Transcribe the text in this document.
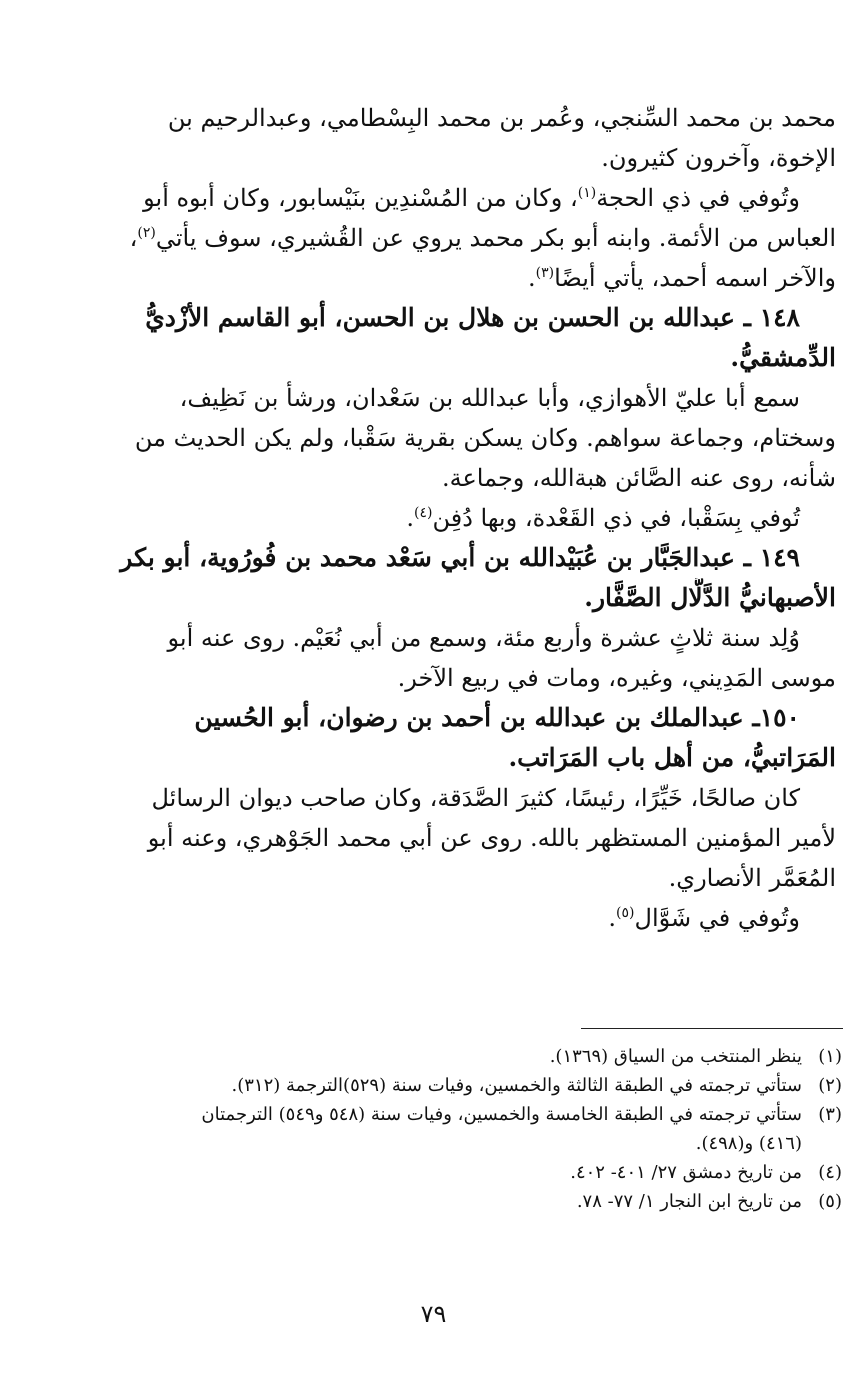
محمد بن محمد السِّنجي، وعُمر بن محمد البِسْطامي، وعبدالرحيم بن
الإخوة، وآخرون كثيرون.
وتُوفي في ذي الحجة$^{(١)}$، وكان من المُسْندِين بنَيْسابور، وكان أبوه أبو
العباس من الأئمة. وابنه أبو بكر محمد يروي عن القُشيري، سوف يأتي$^{(٢)}$،
والآخر اسمه أحمد، يأتي أيضًا$^{(٣)}$.
١٤٨ ـ عبدالله بن الحسن بن هلال بن الحسن، أبو القاسم الأزْديُّ
الدِّمشقيُّ.
سمع أبا عليّ الأهوازي، وأبا عبدالله بن سَعْدان، ورشأ بن نَظِيف،
وسختام، وجماعة سواهم. وكان يسكن بقرية سَقْبا، ولم يكن الحديث من
شأنه، روى عنه الصَّائن هبةالله، وجماعة.
تُوفي بِسَقْبا، في ذي القَعْدة، وبها دُفِن$^{(٤)}$.
١٤٩ ـ عبدالجَبَّار بن عُبَيْدالله بن أبي سَعْد محمد بن فُورُوية، أبو بكر
الأصبهانيُّ الدَّلَّال الصَّفَّار.
وُلِد سنة ثلاثٍ عشرة وأربع مئة، وسمع من أبي نُعَيْم. روى عنه أبو
موسى المَدِيني، وغيره، ومات في ربيع الآخر.
١٥٠ـ عبدالملك بن عبدالله بن أحمد بن رضوان، أبو الحُسين
المَرَاتبيُّ، من أهل باب المَرَاتب.
كان صالحًا، خَيِّرًا، رئيسًا، كثيرَ الصَّدَقة، وكان صاحب ديوان الرسائل
لأمير المؤمنين المستظهر بالله. روى عن أبي محمد الجَوْهري، وعنه أبو
المُعَمَّر الأنصاري.
وتُوفي في شَوَّال$^{(٥)}$.
(١)
ينظر المنتخب من السياق (١٣٦٩).
(٢)
ستأتي ترجمته في الطبقة الثالثة والخمسين، وفيات سنة (٥٢٩)الترجمة (٣١٢).
(٣)
ستأتي ترجمته في الطبقة الخامسة والخمسين، وفيات سنة (٥٤٨ و٥٤٩) الترجمتان
(٤١٦) و(٤٩٨).
(٤)
من تاريخ دمشق ٢٧/ ٤٠١- ٤٠٢.
(٥)
من تاريخ ابن النجار ١/ ٧٧- ٧٨.
٧٩
